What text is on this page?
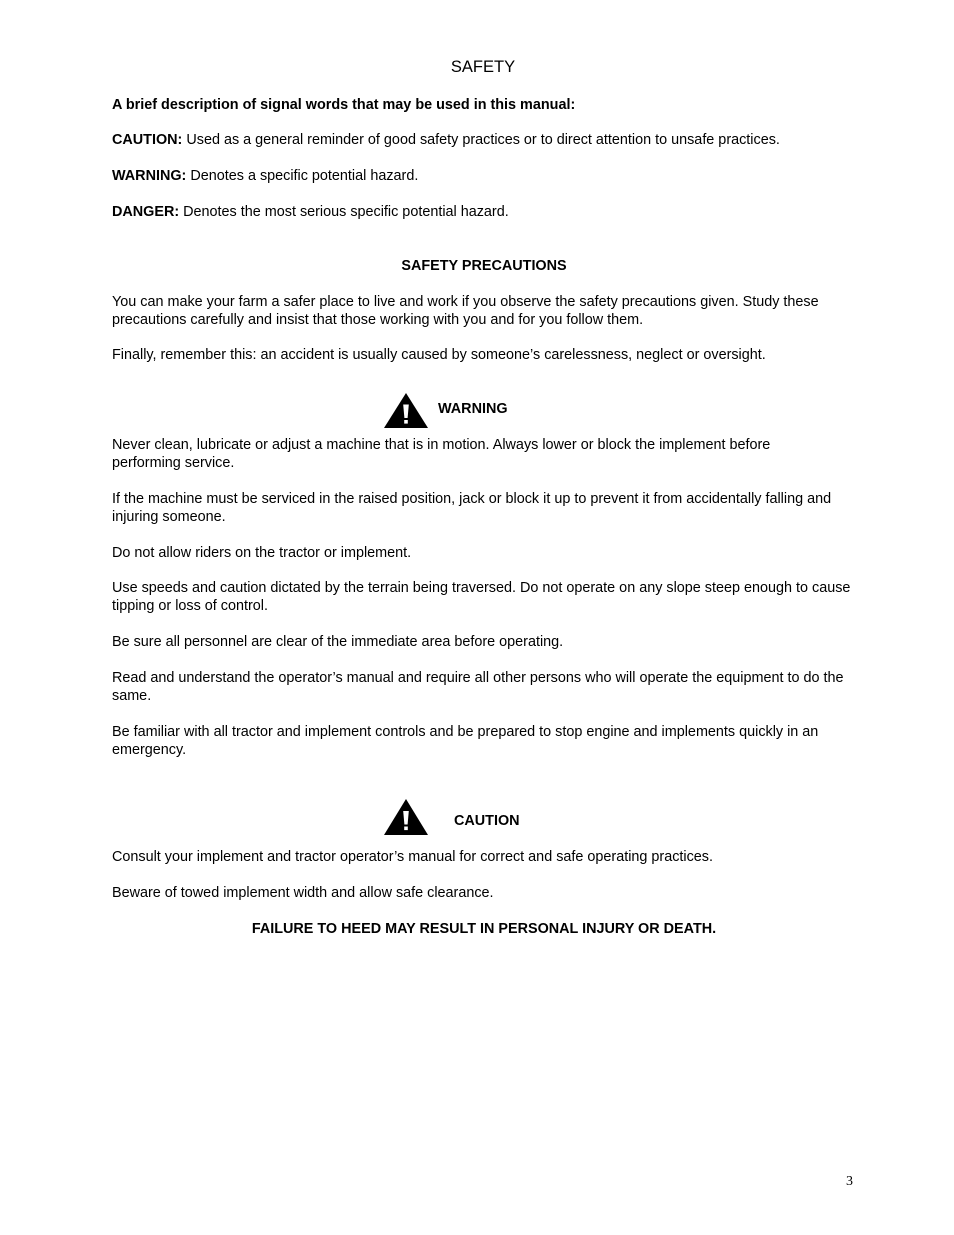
SAFETY
A brief description of signal words that may be used in this manual:
CAUTION: Used as a general reminder of good safety practices or to direct attention to unsafe practices.
WARNING: Denotes a specific potential hazard.
DANGER: Denotes the most serious specific potential hazard.
SAFETY PRECAUTIONS
You can make your farm a safer place to live and work if you observe the safety precautions given. Study these precautions carefully and insist that those working with you and for you follow them.
Finally, remember this: an accident is usually caused by someone’s carelessness, neglect or oversight.
WARNING
Never clean, lubricate or adjust a machine that is in motion. Always lower or block the implement before performing service.
If the machine must be serviced in the raised position, jack or block it up to prevent it from accidentally falling and injuring someone.
Do not allow riders on the tractor or implement.
Use speeds and caution dictated by the terrain being traversed. Do not operate on any slope steep enough to cause tipping or loss of control.
Be sure all personnel are clear of the immediate area before operating.
Read and understand the operator’s manual and require all other persons who will operate the equipment to do the same.
Be familiar with all tractor and implement controls and be prepared to stop engine and implements quickly in an emergency.
CAUTION
Consult your implement and tractor operator’s manual for correct and safe operating practices.
Beware of towed implement width and allow safe clearance.
FAILURE TO HEED MAY RESULT IN PERSONAL INJURY OR DEATH.
3
